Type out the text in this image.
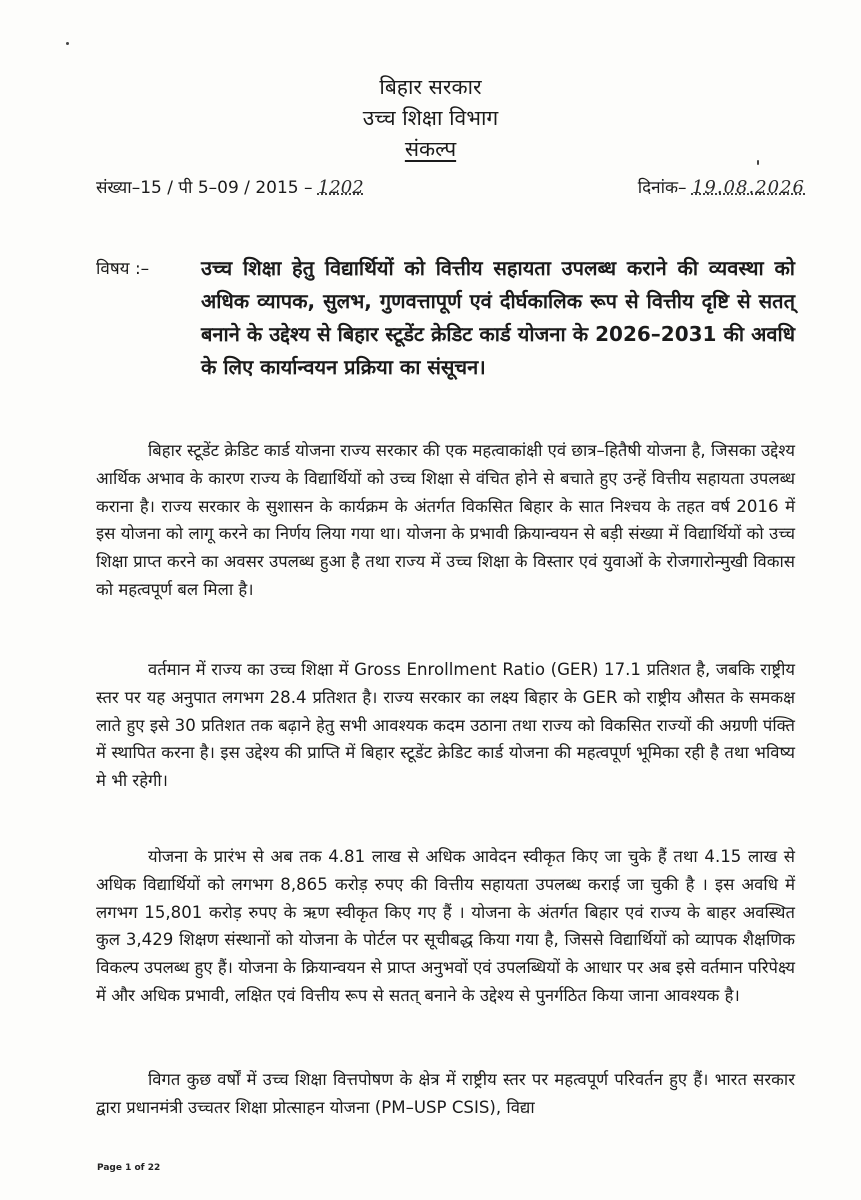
बिहार सरकार
उच्च शिक्षा विभाग
संकल्प
संख्या–15 / पी 5–09 / 2015 – 1202	दिनांक– 19.08.2026
विषय :–	उच्च शिक्षा हेतु विद्यार्थियों को वित्तीय सहायता उपलब्ध कराने की व्यवस्था को अधिक व्यापक, सुलभ, गुणवत्तापूर्ण एवं दीर्घकालिक रूप से वित्तीय दृष्टि से सतत् बनाने के उद्देश्य से बिहार स्टूडेंट क्रेडिट कार्ड योजना के 2026–2031 की अवधि के लिए कार्यान्वयन प्रक्रिया का संसूचन।

बिहार स्टूडेंट क्रेडिट कार्ड योजना राज्य सरकार की एक महत्वाकांक्षी एवं छात्र–हितैषी योजना है, जिसका उद्देश्य आर्थिक अभाव के कारण राज्य के विद्यार्थियों को उच्च शिक्षा से वंचित होने से बचाते हुए उन्हें वित्तीय सहायता उपलब्ध कराना है। राज्य सरकार के सुशासन के कार्यक्रम के अंतर्गत विकसित बिहार के सात निश्चय के तहत वर्ष 2016 में इस योजना को लागू करने का निर्णय लिया गया था। योजना के प्रभावी क्रियान्वयन से बड़ी संख्या में विद्यार्थियों को उच्च शिक्षा प्राप्त करने का अवसर उपलब्ध हुआ है तथा राज्य में उच्च शिक्षा के विस्तार एवं युवाओं के रोजगारोन्मुखी विकास को महत्वपूर्ण बल मिला है।

वर्तमान में राज्य का उच्च शिक्षा में Gross Enrollment Ratio (GER) 17.1 प्रतिशत है, जबकि राष्ट्रीय स्तर पर यह अनुपात लगभग 28.4 प्रतिशत है। राज्य सरकार का लक्ष्य बिहार के GER को राष्ट्रीय औसत के समकक्ष लाते हुए इसे 30 प्रतिशत तक बढ़ाने हेतु सभी आवश्यक कदम उठाना तथा राज्य को विकसित राज्यों की अग्रणी पंक्ति में स्थापित करना है। इस उद्देश्य की प्राप्ति में बिहार स्टूडेंट क्रेडिट कार्ड योजना की महत्वपूर्ण भूमिका रही है तथा भविष्य मे भी रहेगी।

योजना के प्रारंभ से अब तक 4.81 लाख से अधिक आवेदन स्वीकृत किए जा चुके हैं तथा 4.15 लाख से अधिक विद्यार्थियों को लगभग 8,865 करोड़ रुपए की वित्तीय सहायता उपलब्ध कराई जा चुकी है । इस अवधि में लगभग 15,801 करोड़ रुपए के ऋण स्वीकृत किए गए हैं । योजना के अंतर्गत बिहार एवं राज्य के बाहर अवस्थित कुल 3,429 शिक्षण संस्थानों को योजना के पोर्टल पर सूचीबद्ध किया गया है, जिससे विद्यार्थियों को व्यापक शैक्षणिक विकल्प उपलब्ध हुए हैं। योजना के क्रियान्वयन से प्राप्त अनुभवों एवं उपलब्धियों के आधार पर अब इसे वर्तमान परिपेक्ष्य में और अधिक प्रभावी, लक्षित एवं वित्तीय रूप से सतत् बनाने के उद्देश्य से पुनर्गठित किया जाना आवश्यक है।

विगत कुछ वर्षों में उच्च शिक्षा वित्तपोषण के क्षेत्र में राष्ट्रीय स्तर पर महत्वपूर्ण परिवर्तन हुए हैं। भारत सरकार द्वारा प्रधानमंत्री उच्चतर शिक्षा प्रोत्साहन योजना (PM–USP CSIS), विद्या

Page 1 of 22
